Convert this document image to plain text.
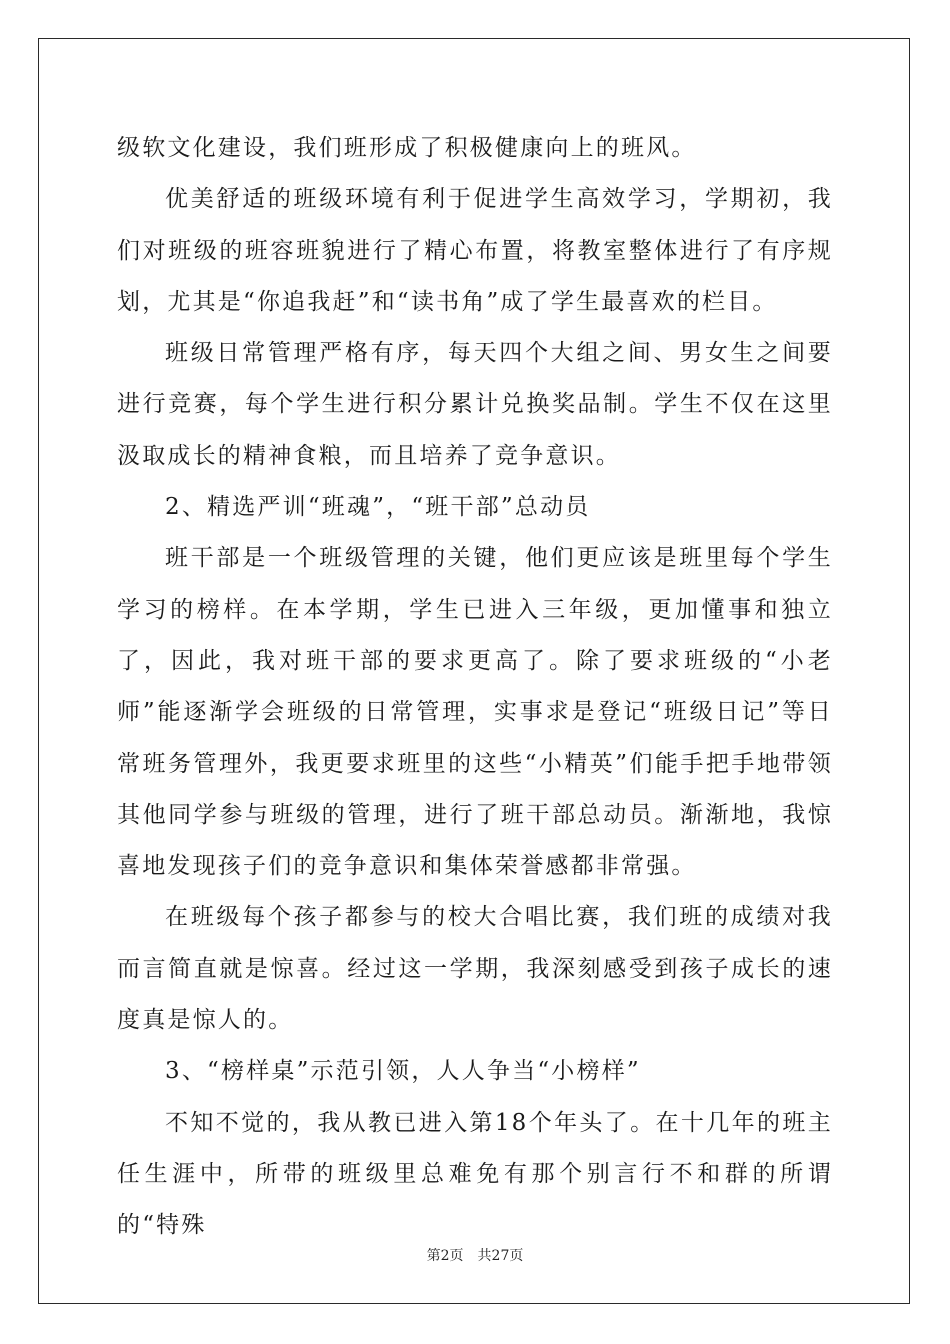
级软文化建设，我们班形成了积极健康向上的班风。

优美舒适的班级环境有利于促进学生高效学习，学期初，我们对班级的班容班貌进行了精心布置，将教室整体进行了有序规划，尤其是“你追我赶”和“读书角”成了学生最喜欢的栏目。

班级日常管理严格有序，每天四个大组之间、男女生之间要进行竞赛，每个学生进行积分累计兑换奖品制。学生不仅在这里汲取成长的精神食粮，而且培养了竞争意识。

2、精选严训“班魂”，“班干部”总动员

班干部是一个班级管理的关键，他们更应该是班里每个学生学习的榜样。在本学期，学生已进入三年级，更加懂事和独立了，因此，我对班干部的要求更高了。除了要求班级的“小老师”能逐渐学会班级的日常管理，实事求是登记“班级日记”等日常班务管理外，我更要求班里的这些“小精英”们能手把手地带领其他同学参与班级的管理，进行了班干部总动员。渐渐地，我惊喜地发现孩子们的竞争意识和集体荣誉感都非常强。

在班级每个孩子都参与的校大合唱比赛，我们班的成绩对我而言简直就是惊喜。经过这一学期，我深刻感受到孩子成长的速度真是惊人的。

3、“榜样桌”示范引领，人人争当“小榜样”

不知不觉的，我从教已进入第18个年头了。在十几年的班主任生涯中，所带的班级里总难免有那个别言行不和群的所谓的“特殊

第2页　共27页
